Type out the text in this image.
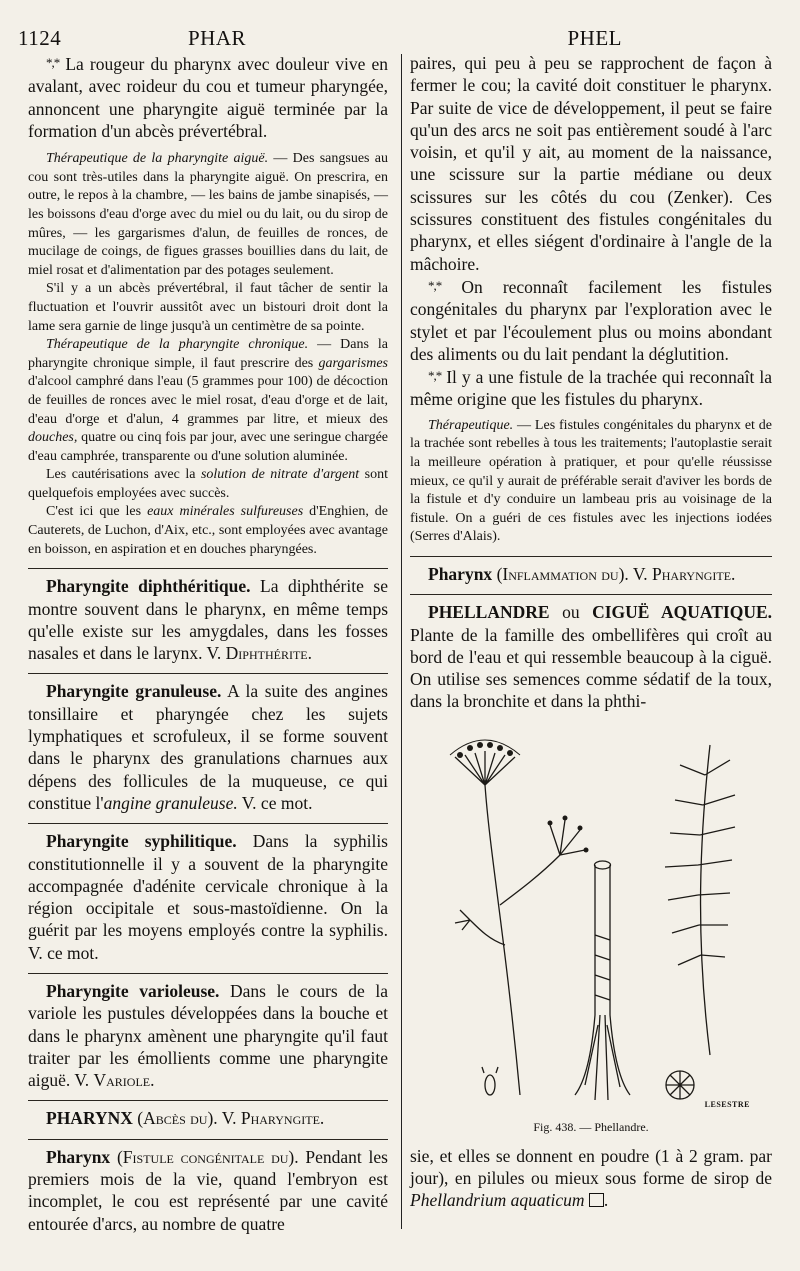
1124	PHAR	PHEL

*,* La rougeur du pharynx avec douleur vive en avalant, avec roideur du cou et tumeur pharyngée, annoncent une pharyngite aiguë terminée par la formation d'un abcès prévertébral.

Thérapeutique de la pharyngite aiguë. — Des sangsues au cou sont très-utiles dans la pharyngite aiguë. On prescrira, en outre, le repos à la chambre, — les bains de jambe sinapisés, — les boissons d'eau d'orge avec du miel ou du lait, ou du sirop de mûres, — les gargarismes d'alun, de feuilles de ronces, de mucilage de coings, de figues grasses bouillies dans du lait, de miel rosat et d'alimentation par des potages seulement.

S'il y a un abcès prévertébral, il faut tâcher de sentir la fluctuation et l'ouvrir aussitôt avec un bistouri droit dont la lame sera garnie de linge jusqu'à un centimètre de sa pointe.

Thérapeutique de la pharyngite chronique. — Dans la pharyngite chronique simple, il faut prescrire des gargarismes d'alcool camphré dans l'eau (5 grammes pour 100) de décoction de feuilles de ronces avec le miel rosat, d'eau d'orge et de lait, d'eau d'orge et d'alun, 4 grammes par litre, et mieux des douches, quatre ou cinq fois par jour, avec une seringue chargée d'eau camphrée, transparente ou d'une solution aluminée.

Les cautérisations avec la solution de nitrate d'argent sont quelquefois employées avec succès.

C'est ici que les eaux minérales sulfureuses d'Enghien, de Cauterets, de Luchon, d'Aix, etc., sont employées avec avantage en boisson, en aspiration et en douches pharyngées.

Pharyngite diphthéritique. La diphthérite se montre souvent dans le pharynx, en même temps qu'elle existe sur les amygdales, dans les fosses nasales et dans le larynx. V. Diphthérite.

Pharyngite granuleuse. A la suite des angines tonsillaire et pharyngée chez les sujets lymphatiques et scrofuleux, il se forme souvent dans le pharynx des granulations charnues aux dépens des follicules de la muqueuse, ce qui constitue l'angine granuleuse. V. ce mot.

Pharyngite syphilitique. Dans la syphilis constitutionnelle il y a souvent de la pharyngite accompagnée d'adénite cervicale chronique à la région occipitale et sous-mastoïdienne. On la guérit par les moyens employés contre la syphilis. V. ce mot.

Pharyngite varioleuse. Dans le cours de la variole les pustules développées dans la bouche et dans le pharynx amènent une pharyngite qu'il faut traiter par les émollients comme une pharyngite aiguë. V. Variole.

PHARYNX (Abcès du). V. Pharyngite.

Pharynx (Fistule congénitale du). Pendant les premiers mois de la vie, quand l'embryon est incomplet, le cou est représenté par une cavité entourée d'arcs, au nombre de quatre

paires, qui peu à peu se rapprochent de façon à fermer le cou; la cavité doit constituer le pharynx. Par suite de vice de développement, il peut se faire qu'un des arcs ne soit pas entièrement soudé à l'arc voisin, et qu'il y ait, au moment de la naissance, une scissure sur la partie médiane ou deux scissures sur les côtés du cou (Zenker). Ces scissures constituent des fistules congénitales du pharynx, et elles siégent d'ordinaire à l'angle de la mâchoire.

*,* On reconnaît facilement les fistules congénitales du pharynx par l'exploration avec le stylet et par l'écoulement plus ou moins abondant des aliments ou du lait pendant la déglutition.

*,* Il y a une fistule de la trachée qui reconnaît la même origine que les fistules du pharynx.

Thérapeutique. — Les fistules congénitales du pharynx et de la trachée sont rebelles à tous les traitements; l'autoplastie serait la meilleure opération à pratiquer, et pour qu'elle réussisse mieux, ce qu'il y aurait de préférable serait d'aviver les bords de la fistule et d'y conduire un lambeau pris au voisinage de la fistule. On a guéri de ces fistules avec les injections iodées (Serres d'Alais).

Pharynx (Inflammation du). V. Pharyngite.

PHELLANDRE ou CIGUË AQUATIQUE. Plante de la famille des ombellifères qui croît au bord de l'eau et qui ressemble beaucoup à la ciguë. On utilise ses semences comme sédatif de la toux, dans la bronchite et dans la phthi-

LESESTRE
Fig. 438. — Phellandre.

sie, et elles se donnent en poudre (1 à 2 gram. par jour), en pilules ou mieux sous forme de sirop de Phellandrium aquaticum .
